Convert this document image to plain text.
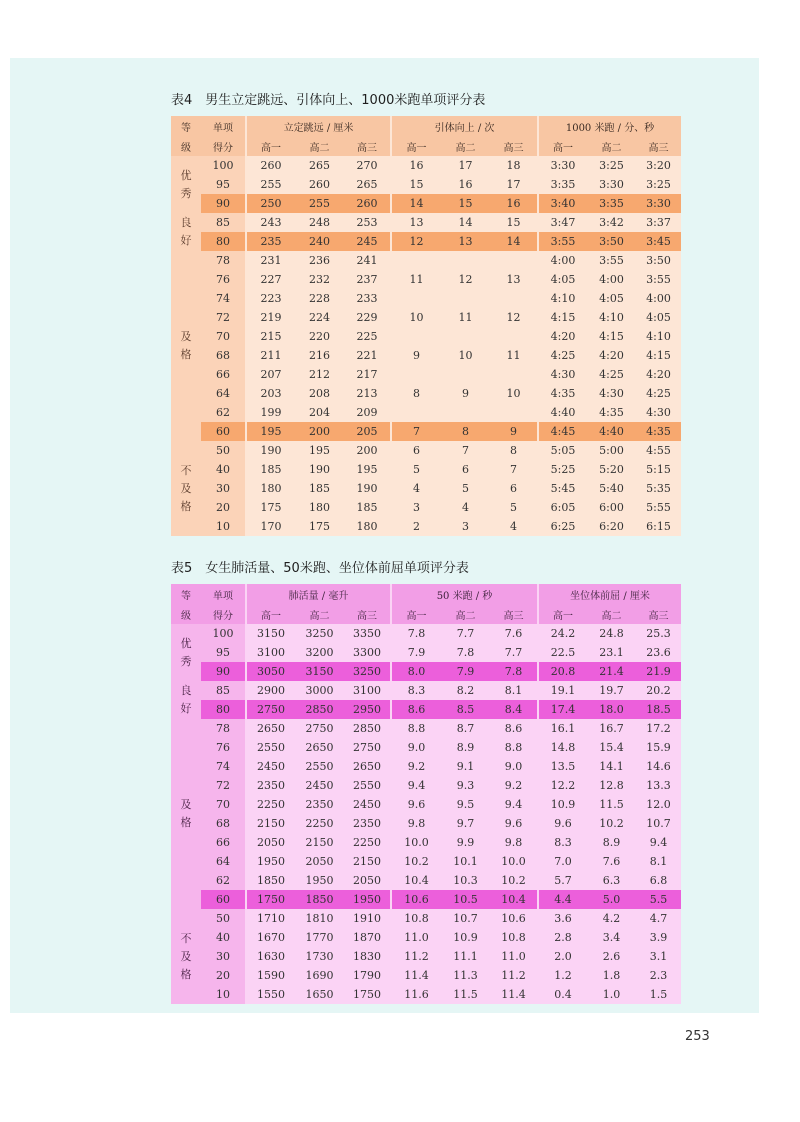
表4　男生立定跳远、引体向上、1000米跑单项评分表
等	单项	立定跳远 / 厘米			引体向上 / 次			1000 米跑 / 分、秒		
级	得分	高一	高二	高三	高一	高二	高三	高一	高二	高三

优
秀	100	260	265	270	16	17	18	3:30	3:25	3:20
	95	255	260	265	15	16	17	3:35	3:30	3:25
	90	250	255	260	14	15	16	3:40	3:35	3:30

良
好	85	243	248	253	13	14	15	3:47	3:42	3:37
	80	235	240	245	12	13	14	3:55	3:50	3:45

及
格	78	231	236	241				4:00	3:55	3:50
	76	227	232	237	11	12	13	4:05	4:00	3:55
	74	223	228	233				4:10	4:05	4:00
	72	219	224	229	10	11	12	4:15	4:10	4:05
	70	215	220	225				4:20	4:15	4:10
	68	211	216	221	9	10	11	4:25	4:20	4:15
	66	207	212	217				4:30	4:25	4:20
	64	203	208	213	8	9	10	4:35	4:30	4:25
	62	199	204	209				4:40	4:35	4:30
	60	195	200	205	7	8	9	4:45	4:40	4:35

不
及
格	50	190	195	200	6	7	8	5:05	5:00	4:55
	40	185	190	195	5	6	7	5:25	5:20	5:15
	30	180	185	190	4	5	6	5:45	5:40	5:35
	20	175	180	185	3	4	5	6:05	6:00	5:55
	10	170	175	180	2	3	4	6:25	6:20	6:15
表5　女生肺活量、50米跑、坐位体前屈单项评分表
等	单项	肺活量 / 毫升			50 米跑 / 秒			坐位体前屈 / 厘米		
级	得分	高一	高二	高三	高一	高二	高三	高一	高二	高三

优
秀	100	3150	3250	3350	7.8	7.7	7.6	24.2	24.8	25.3
	95	3100	3200	3300	7.9	7.8	7.7	22.5	23.1	23.6
	90	3050	3150	3250	8.0	7.9	7.8	20.8	21.4	21.9

良
好	85	2900	3000	3100	8.3	8.2	8.1	19.1	19.7	20.2
	80	2750	2850	2950	8.6	8.5	8.4	17.4	18.0	18.5

及
格	78	2650	2750	2850	8.8	8.7	8.6	16.1	16.7	17.2
	76	2550	2650	2750	9.0	8.9	8.8	14.8	15.4	15.9
	74	2450	2550	2650	9.2	9.1	9.0	13.5	14.1	14.6
	72	2350	2450	2550	9.4	9.3	9.2	12.2	12.8	13.3
	70	2250	2350	2450	9.6	9.5	9.4	10.9	11.5	12.0
	68	2150	2250	2350	9.8	9.7	9.6	9.6	10.2	10.7
	66	2050	2150	2250	10.0	9.9	9.8	8.3	8.9	9.4
	64	1950	2050	2150	10.2	10.1	10.0	7.0	7.6	8.1
	62	1850	1950	2050	10.4	10.3	10.2	5.7	6.3	6.8
	60	1750	1850	1950	10.6	10.5	10.4	4.4	5.0	5.5

不
及
格	50	1710	1810	1910	10.8	10.7	10.6	3.6	4.2	4.7
	40	1670	1770	1870	11.0	10.9	10.8	2.8	3.4	3.9
	30	1630	1730	1830	11.2	11.1	11.0	2.0	2.6	3.1
	20	1590	1690	1790	11.4	11.3	11.2	1.2	1.8	2.3
	10	1550	1650	1750	11.6	11.5	11.4	0.4	1.0	1.5
253
